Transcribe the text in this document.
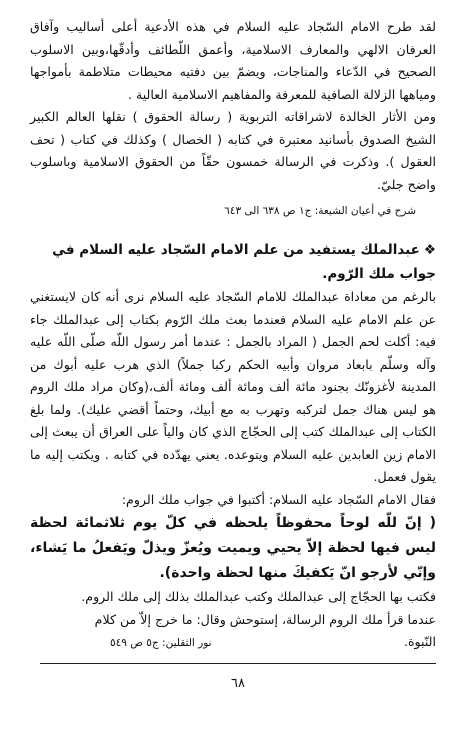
لقد طرح الامام السّجاد عليه السلام في هذه الأدعية أعلى أساليب وآفاق العرفان الالهي والمعارف الاسلامية، وأعمق اللّطائف وأدقّها،وبين الاسلوب الصحيح في الدّعاء والمناجات، ويضمّ بين دفتيه محيطات متلاطمة بأمواجها ومياهها الزلالة الصافية للمعرفة والمفاهيم الاسلامية العالية .

ومن الأثار الخالدة لاشراقاته التربوية ( رسالة الحقوق ) نقلها العالم الكبير الشيخ الصدوق بأسانيد معتبرة في كتابه ( الخصال ) وكذلك في كتاب ( تحف العقول ). وذكرت في الرسالة خمسون حقّاً من الحقوق الاسلامية وباسلوب واضح جليّ.

شرح في أعيان الشيعة: ج١ ص ٦٣٨ الى ٦٤٣

❖عبدالملك يستفيد من علم الامام السّجاد عليه السلام في جواب ملك الرّوم.

بالرغم من معاداة عبدالملك للامام السّجاد عليه السلام نرى أنه كان لايستغني عن علم الامام عليه السلام فعندما بعث ملك الرّوم بكتاب إلى عبدالملك جاء فيه: أكلت لحم الجمل ( المراد بالجمل : عندما أمر رسول اللّه صلّى اللّه عليه وآله وسلّم بابعاد مروان وأبيه الحكم ركبا جملاً) الذي هرب عليه أبوك من المدينة لأغزونّك بجنود مائة ألف ومائة ألف ومائة ألف،(وكان مراد ملك الروم هو ليس هناك جمل لتركبه وتهرب به مع أبيك، وحتماً أقضي عليك). ولما بلغ الكتاب إلى عبدالملك كتب إلى الحجّاج الذي كان والياً على العراق أن يبعث إلى الامام زين العابدين عليه السلام ويتوعده. يعني يهدّده في كتابه . ويكتب إليه ما يقول فعمل.

فقال الامام السّجاد عليه السلام: أكتبوا في جواب ملك الروم:

( إنّ للّه لوحاً محفوظاً يلحظه في كلّ يوم ثلاثمائة لحظة ليس فيها لحظة إلاّ يحيي ويميت ويُعزّ ويذلّ ويَفعلُ ما يَشاء، وإنّي لأرجو انّ يَكفيكَ منها لحظة واحدة).

فكتب بها الحجّاج إلى عبدالملك وكتب عبدالملك بذلك إلى ملك الروم.

عندما قرأ ملك الروم الرسالة، إستوحش وقال: ما خرج إلاّ من كلام

النّبوة.
نور الثقلين: ج٥ ص ٥٤٩
٦٨
